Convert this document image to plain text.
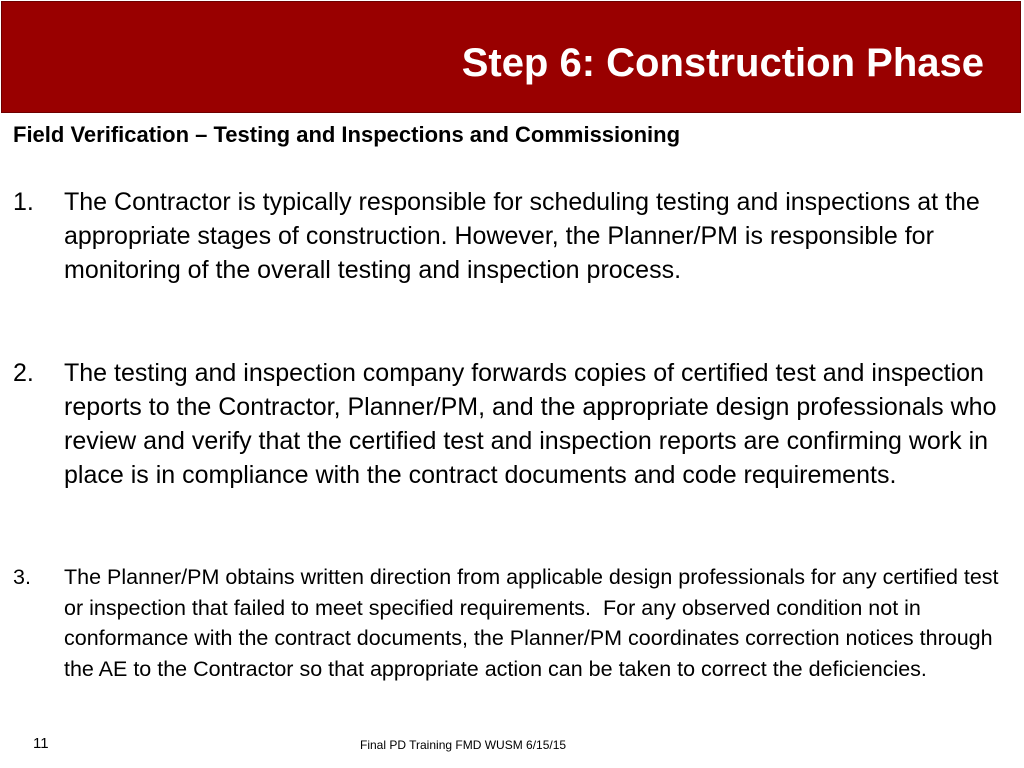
Step 6: Construction Phase
Field Verification – Testing and Inspections and Commissioning
1. The Contractor is typically responsible for scheduling testing and inspections at the appropriate stages of construction. However, the Planner/PM is responsible for monitoring of the overall testing and inspection process.
2. The testing and inspection company forwards copies of certified test and inspection reports to the Contractor, Planner/PM, and the appropriate design professionals who review and verify that the certified test and inspection reports are confirming work in place is in compliance with the contract documents and code requirements.
3. The Planner/PM obtains written direction from applicable design professionals for any certified test or inspection that failed to meet specified requirements.  For any observed condition not in conformance with the contract documents, the Planner/PM coordinates correction notices through the AE to the Contractor so that appropriate action can be taken to correct the deficiencies.
11	Final PD Training FMD WUSM 6/15/15
